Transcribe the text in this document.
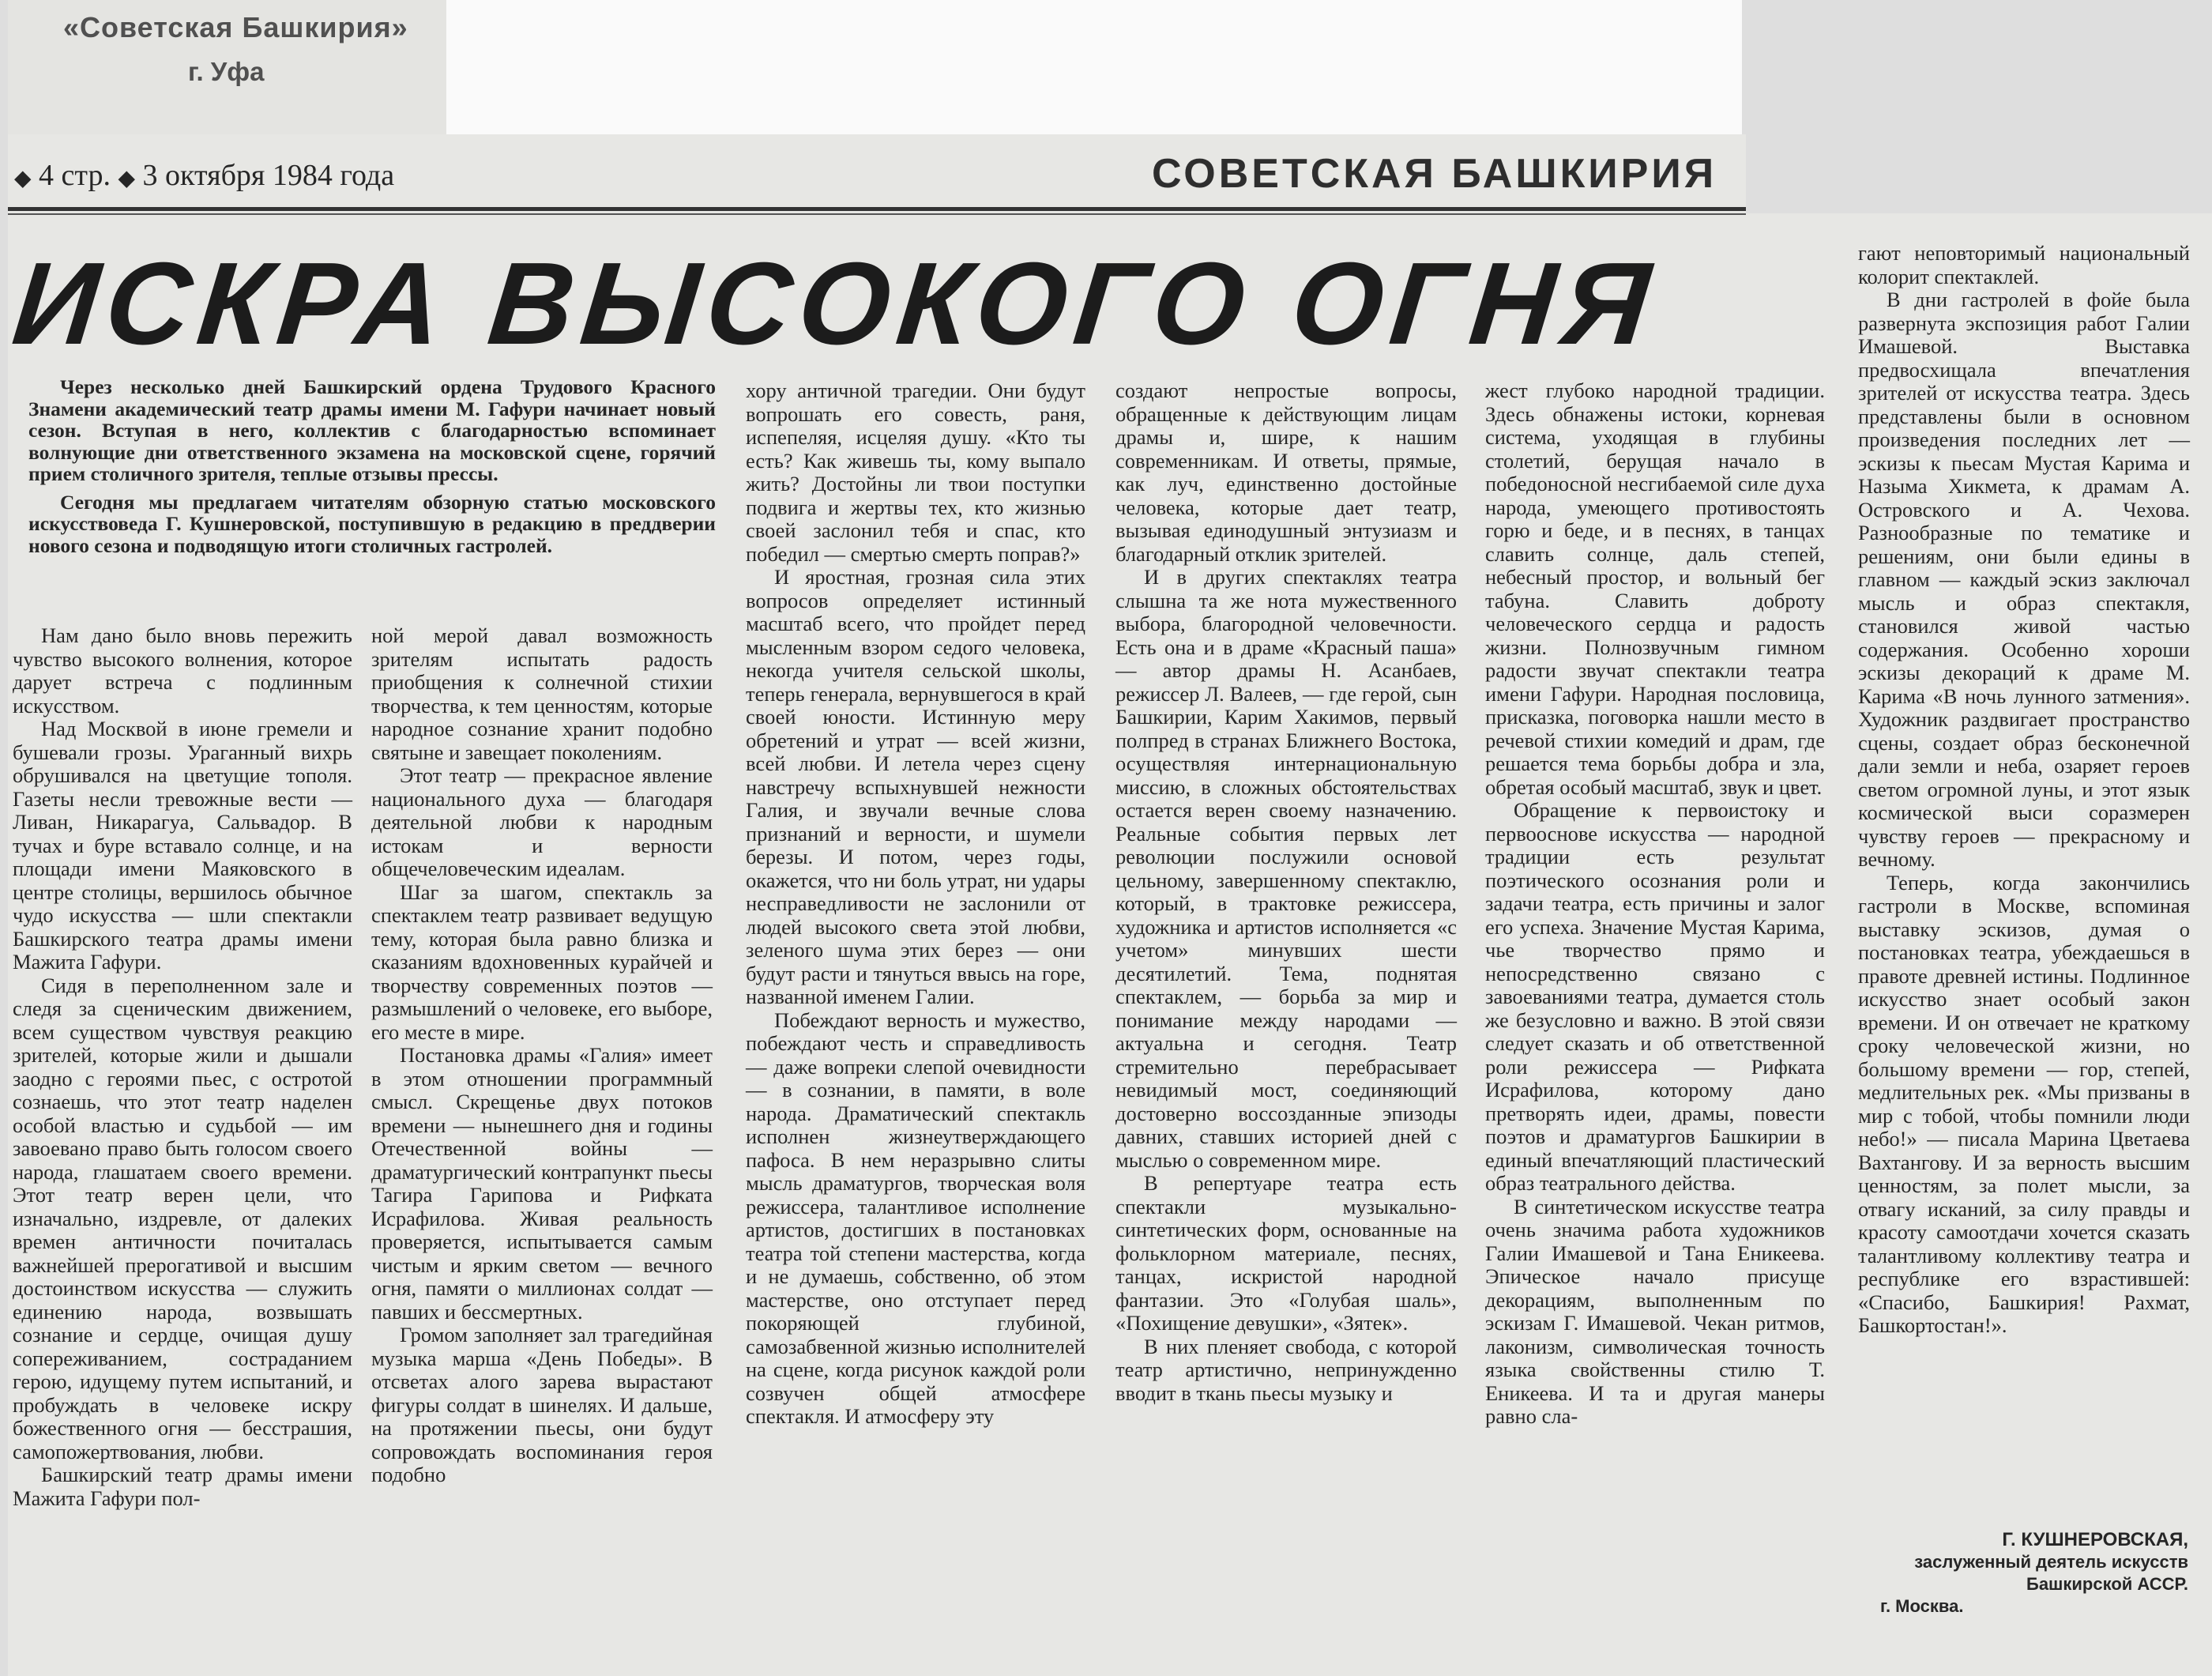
«Советская Башкирия»
г. Уфа
◆ 4 стр. ◆ 3 октября 1984 года	СОВЕТСКАЯ БАШКИРИЯ
ИСКРА ВЫСОКОГО ОГНЯ

Через несколько дней Башкирский ордена Трудового Красного Знамени академический театр драмы имени М. Гафури начинает новый сезон. Вступая в него, коллектив с благодарностью вспоминает волнующие дни ответственного экзамена на московской сцене, горячий прием столичного зрителя, теплые отзывы прессы.

Сегодня мы предлагаем читателям обзорную статью московского искусствоведа Г. Кушнеровской, поступившую в редакцию в преддверии нового сезона и подводящую итоги столичных гастролей.

Нам дано было вновь пережить чувство высокого волнения, которое дарует встреча с подлинным искусством.

Над Москвой в июне гремели и бушевали грозы. Ураганный вихрь обрушивался на цветущие тополя. Газеты несли тревожные вести — Ливан, Никарагуа, Сальвадор. В тучах и буре вставало солнце, и на площади имени Маяковского в центре столицы, вершилось обычное чудо искусства — шли спектакли Башкирского театра драмы имени Мажита Гафури.

Сидя в переполненном зале и следя за сценическим движением, всем существом чувствуя реакцию зрителей, которые жили и дышали заодно с героями пьес, с остротой сознаешь, что этот театр наделен особой властью и судьбой — им завоевано право быть голосом своего народа, глашатаем своего времени. Этот театр верен цели, что изначально, издревле, от далеких времен античности почиталась важнейшей прерогативой и высшим достоинством искусства — служить единению народа, возвышать сознание и сердце, очищая душу сопереживанием, состраданием герою, идущему путем испытаний, и пробуждать в человеке искру божественного огня — бесстрашия, самопожертвования, любви.

Башкирский театр драмы имени Мажита Гафури пол-

ной мерой давал возможность зрителям испытать радость приобщения к солнечной стихии творчества, к тем ценностям, которые народное сознание хранит подобно святыне и завещает поколениям.

Этот театр — прекрасное явление национального духа — благодаря деятельной любви к народным истокам и верности общечеловеческим идеалам.

Шаг за шагом, спектакль за спектаклем театр развивает ведущую тему, которая была равно близка и сказаниям вдохновенных курайчей и творчеству современных поэтов — размышлений о человеке, его выборе, его месте в мире.

Постановка драмы «Галия» имеет в этом отношении программный смысл. Скрещенье двух потоков времени — нынешнего дня и годины Отечественной войны — драматургический контрапункт пьесы Тагира Гарипова и Рифката Исрафилова. Живая реальность проверяется, испытывается самым чистым и ярким светом — вечного огня, памяти о миллионах солдат — павших и бессмертных.

Громом заполняет зал трагедийная музыка марша «День Победы». В отсветах алого зарева вырастают фигуры солдат в шинелях. И дальше, на протяжении пьесы, они будут сопровождать воспоминания героя подобно

хору античной трагедии. Они будут вопрошать его совесть, раня, испепеляя, исцеляя душу. «Кто ты есть? Как живешь ты, кому выпало жить? Достойны ли твои поступки подвига и жертвы тех, кто жизнью своей заслонил тебя и спас, кто победил — смертью смерть поправ?»

И яростная, грозная сила этих вопросов определяет истинный масштаб всего, что пройдет перед мысленным взором седого человека, некогда учителя сельской школы, теперь генерала, вернувшегося в край своей юности. Истинную меру обретений и утрат — всей жизни, всей любви. И летела через сцену навстречу вспыхнувшей нежности Галия, и звучали вечные слова признаний и верности, и шумели березы. И потом, через годы, окажется, что ни боль утрат, ни удары несправедливости не заслонили от людей высокого света этой любви, зеленого шума этих берез — они будут расти и тянуться ввысь на горе, названной именем Галии.

Побеждают верность и мужество, побеждают честь и справедливость — даже вопреки слепой очевидности — в сознании, в памяти, в воле народа. Драматический спектакль исполнен жизнеутверждающего пафоса. В нем неразрывно слиты мысль драматургов, творческая воля режиссера, талантливое исполнение артистов, достигших в постановках театра той степени мастерства, когда и не думаешь, собственно, об этом мастерстве, оно отступает перед покоряющей глубиной, самозабвенной жизнью исполнителей на сцене, когда рисунок каждой роли созвучен общей атмосфере спектакля. И атмосферу эту

создают непростые вопросы, обращенные к действующим лицам драмы и, шире, к нашим современникам. И ответы, прямые, как луч, единственно достойные человека, которые дает театр, вызывая единодушный энтузиазм и благодарный отклик зрителей.

И в других спектаклях театра слышна та же нота мужественного выбора, благородной человечности. Есть она и в драме «Красный паша» — автор драмы Н. Асанбаев, режиссер Л. Валеев, — где герой, сын Башкирии, Карим Хакимов, первый полпред в странах Ближнего Востока, осуществляя интернациональную миссию, в сложных обстоятельствах остается верен своему назначению. Реальные события первых лет революции послужили основой цельному, завершенному спектаклю, который, в трактовке режиссера, художника и артистов исполняется «с учетом» минувших шести десятилетий. Тема, поднятая спектаклем, — борьба за мир и понимание между народами — актуальна и сегодня. Театр стремительно перебрасывает невидимый мост, соединяющий достоверно воссозданные эпизоды давних, ставших историей дней с мыслью о современном мире.

В репертуаре театра есть спектакли музыкально-синтетических форм, основанные на фольклорном материале, песнях, танцах, искристой народной фантазии. Это «Голубая шаль», «Похищение девушки», «Зятек».

В них пленяет свобода, с которой театр артистично, непринужденно вводит в ткань пьесы музыку и

жест глубоко народной традиции. Здесь обнажены истоки, корневая система, уходящая в глубины столетий, берущая начало в победоносной несгибаемой силе духа народа, умеющего противостоять горю и беде, и в песнях, в танцах славить солнце, даль степей, небесный простор, и вольный бег табуна. Славить доброту человеческого сердца и радость жизни. Полнозвучным гимном радости звучат спектакли театра имени Гафури. Народная пословица, присказка, поговорка нашли место в речевой стихии комедий и драм, где решается тема борьбы добра и зла, обретая особый масштаб, звук и цвет.

Обращение к первоистоку и первооснове искусства — народной традиции есть результат поэтического осознания роли и задачи театра, есть причины и залог его успеха. Значение Мустая Карима, чье творчество прямо и непосредственно связано с завоеваниями театра, думается столь же безусловно и важно. В этой связи следует сказать и об ответственной роли режиссера — Рифката Исрафилова, которому дано претворять идеи, драмы, повести поэтов и драматургов Башкирии в единый впечатляющий пластический образ театрального действа.

В синтетическом искусстве театра очень значима работа художников Галии Имашевой и Тана Еникеева. Эпическое начало присуще декорациям, выполненным по эскизам Г. Имашевой. Чекан ритмов, лаконизм, символическая точность языка свойственны стилю Т. Еникеева. И та и другая манеры равно сла-

гают неповторимый национальный колорит спектаклей.

В дни гастролей в фойе была развернута экспозиция работ Галии Имашевой. Выставка предвосхищала впечатления зрителей от искусства театра. Здесь представлены были в основном произведения последних лет — эскизы к пьесам Мустая Карима и Назыма Хикмета, к драмам А. Островского и А. Чехова. Разнообразные по тематике и решениям, они были едины в главном — каждый эскиз заключал мысль и образ спектакля, становился живой частью содержания. Особенно хороши эскизы декораций к драме М. Карима «В ночь лунного затмения». Художник раздвигает пространство сцены, создает образ бесконечной дали земли и неба, озаряет героев светом огромной луны, и этот язык космической выси соразмерен чувству героев — прекрасному и вечному.

Теперь, когда закончились гастроли в Москве, вспоминая выставку эскизов, думая о постановках театра, убеждаешься в правоте древней истины. Подлинное искусство знает особый закон времени. И он отвечает не краткому сроку человеческой жизни, но большому времени — гор, степей, медлительных рек. «Мы призваны в мир с тобой, чтобы помнили люди небо!» — писала Марина Цветаева Вахтангову. И за верность высшим ценностям, за полет мысли, за отвагу исканий, за силу правды и красоту самоотдачи хочется сказать талантливому коллективу театра и республике его взрастившей: «Спасибо, Башкирия! Рахмат, Башкортостан!».

Г. КУШНЕРОВСКАЯ,
заслуженный деятель искусств Башкирской АССР.
г. Москва.
